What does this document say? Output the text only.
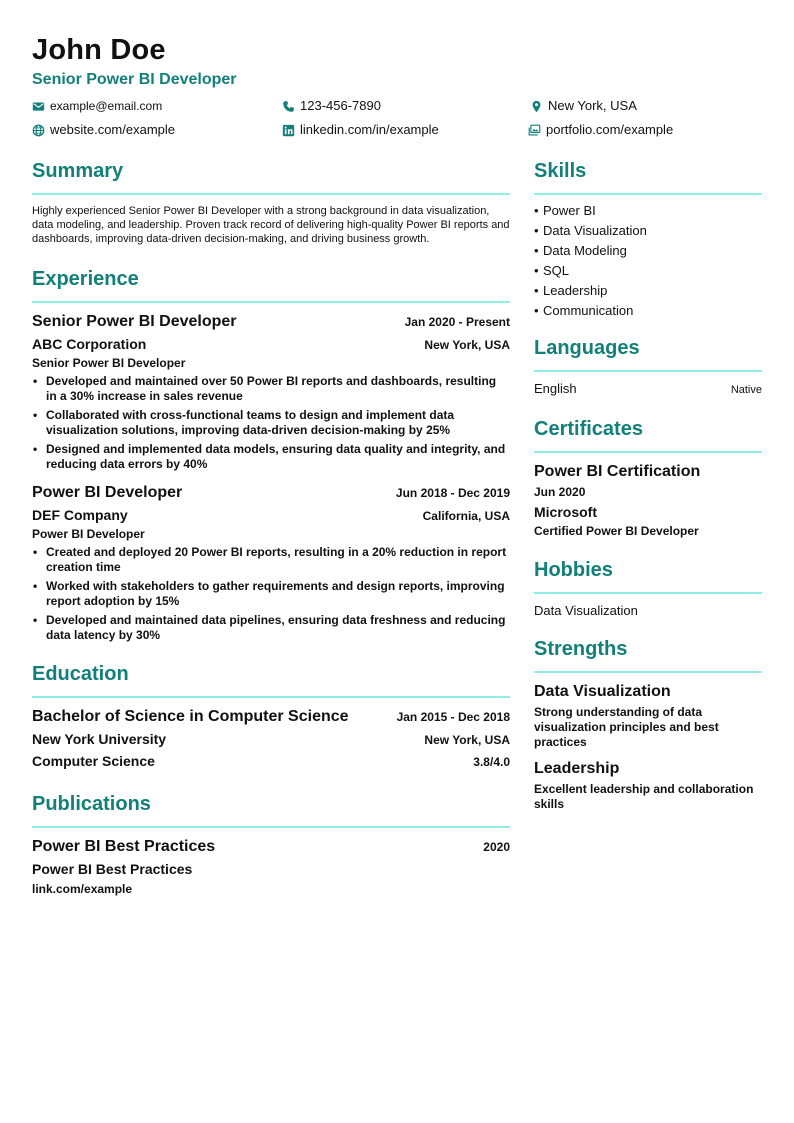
John Doe
Senior Power BI Developer
example@email.com	123-456-7890	New York, USA
website.com/example	linkedin.com/in/example	portfolio.com/example
Summary

Highly experienced Senior Power BI Developer with a strong background in data visualization, data modeling, and leadership. Proven track record of delivering high-quality Power BI reports and dashboards, improving data-driven decision-making, and driving business growth.

Experience
Senior Power BI Developer	Jan 2020 - Present
ABC Corporation	New York, USA
Senior Power BI Developer
• Developed and maintained over 50 Power BI reports and dashboards, resulting in a 30% increase in sales revenue
• Collaborated with cross-functional teams to design and implement data visualization solutions, improving data-driven decision-making by 25%
• Designed and implemented data models, ensuring data quality and integrity, and reducing data errors by 40%
Power BI Developer	Jun 2018 - Dec 2019
DEF Company	California, USA
Power BI Developer
• Created and deployed 20 Power BI reports, resulting in a 20% reduction in report creation time
• Worked with stakeholders to gather requirements and design reports, improving report adoption by 15%
• Developed and maintained data pipelines, ensuring data freshness and reducing data latency by 30%
Education
Bachelor of Science in Computer Science	Jan 2015 - Dec 2018
New York University	New York, USA
Computer Science	3.8/4.0
Publications
Power BI Best Practices	2020
Power BI Best Practices
link.com/example
Skills
• Power BI
• Data Visualization
• Data Modeling
• SQL
• Leadership
• Communication
Languages
English	Native
Certificates
Power BI Certification
Jun 2020
Microsoft
Certified Power BI Developer
Hobbies
Data Visualization
Strengths
Data Visualization
Strong understanding of data visualization principles and best practices
Leadership
Excellent leadership and collaboration skills
